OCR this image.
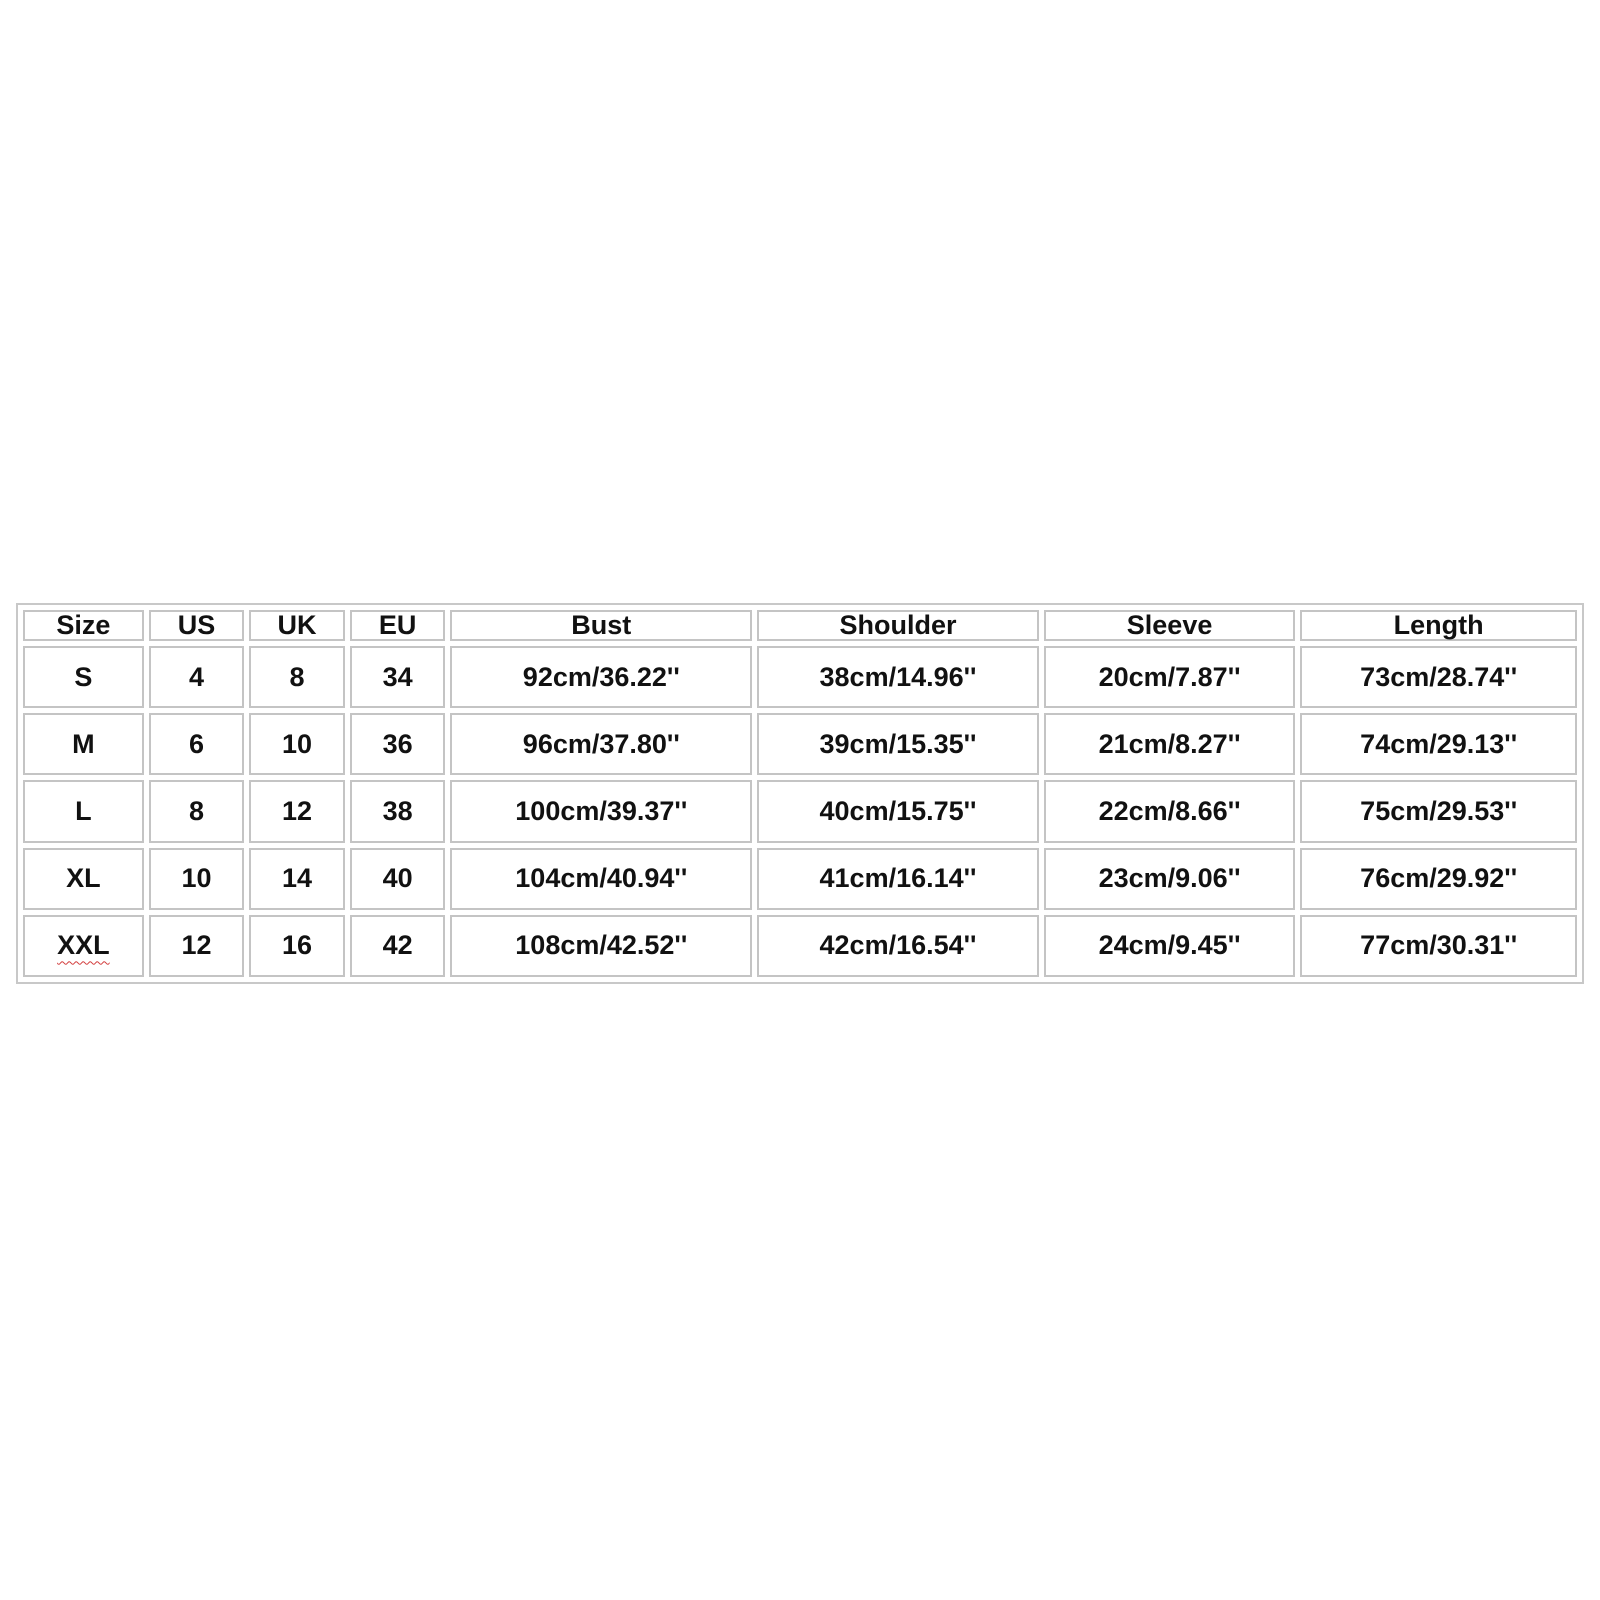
Size	US	UK	EU	Bust	Shoulder	Sleeve	Length
S	4	8	34	92cm/36.22''	38cm/14.96''	20cm/7.87''	73cm/28.74''
M	6	10	36	96cm/37.80''	39cm/15.35''	21cm/8.27''	74cm/29.13''
L	8	12	38	100cm/39.37''	40cm/15.75''	22cm/8.66''	75cm/29.53''
XL	10	14	40	104cm/40.94''	41cm/16.14''	23cm/9.06''	76cm/29.92''
XXL	12	16	42	108cm/42.52''	42cm/16.54''	24cm/9.45''	77cm/30.31''
